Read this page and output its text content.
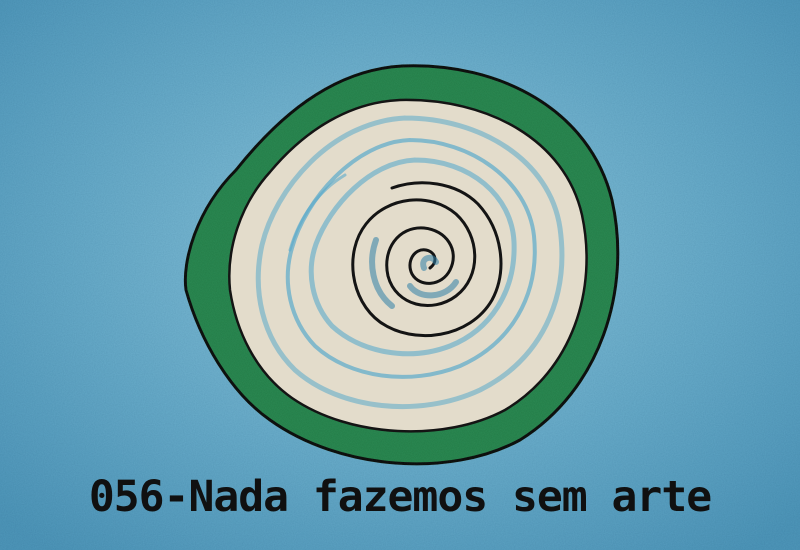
056-Nada fazemos sem arte
